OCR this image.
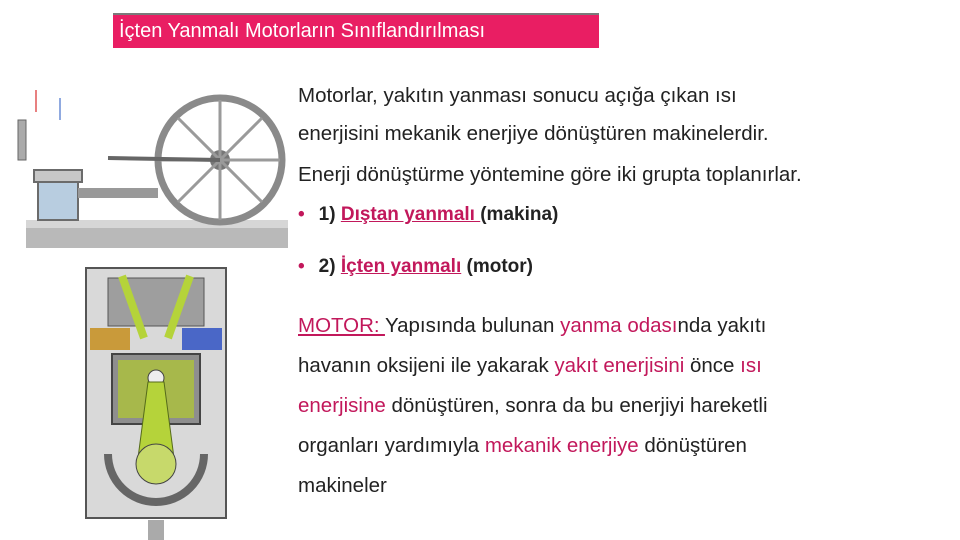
İçten Yanmalı Motorların Sınıflandırılması
Motorlar, yakıtın yanması sonucu açığa çıkan ısı
enerjisini mekanik enerjiye dönüştüren makinelerdir.
Enerji dönüştürme yöntemine göre iki grupta toplanırlar.
• 1) Dıştan yanmalı (makina)
• 2) İçten yanmalı (motor)
MOTOR: Yapısında bulunan yanma odasında yakıtı
havanın oksijeni ile yakarak yakıt enerjisini önce ısı
enerjisine dönüştüren, sonra da bu enerjiyi hareketli
organları yardımıyla mekanik enerjiye dönüştüren
makineler
